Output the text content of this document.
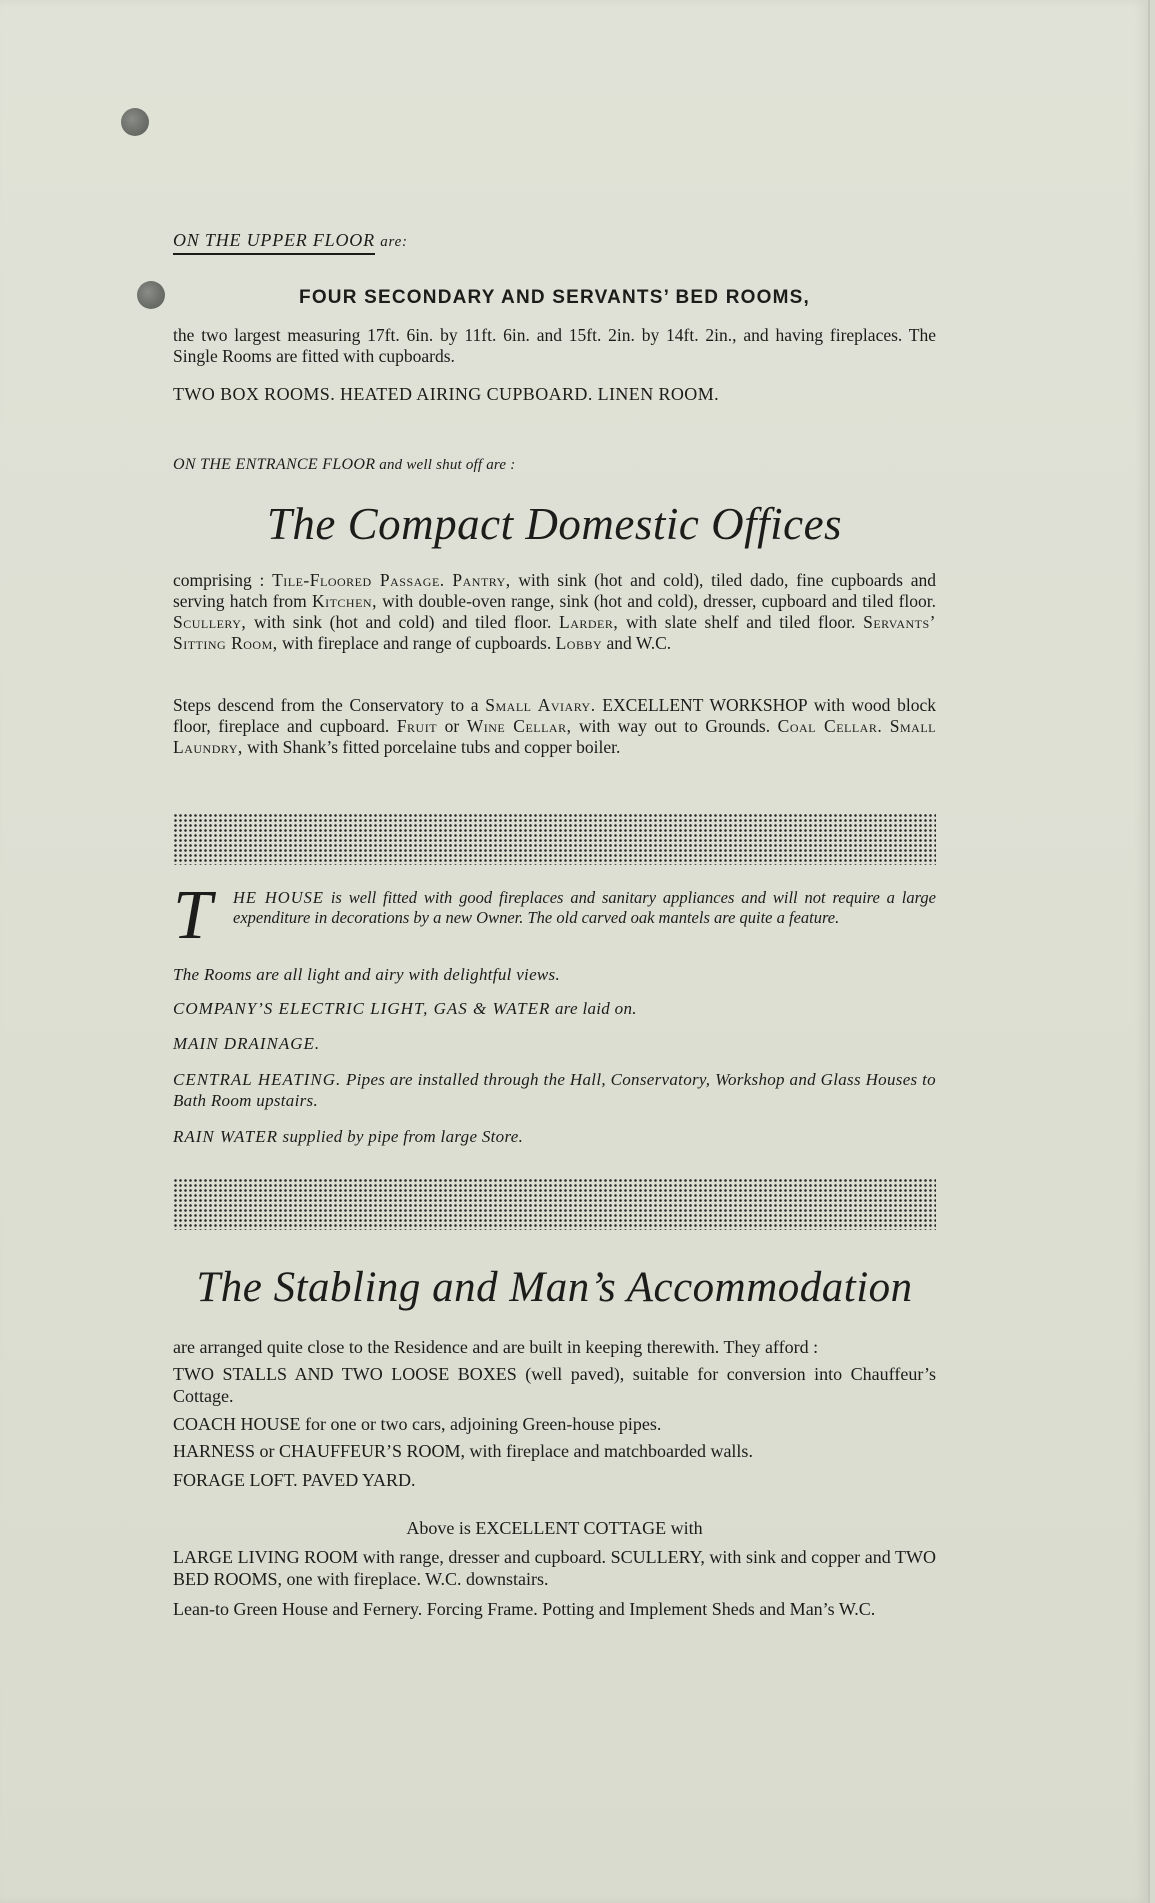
ON THE UPPER FLOOR are:

FOUR SECONDARY AND SERVANTS’ BED ROOMS,

the two largest measuring 17ft. 6in. by 11ft. 6in. and 15ft. 2in. by 14ft. 2in., and having fireplaces. The Single Rooms are fitted with cupboards.

TWO BOX ROOMS. HEATED AIRING CUPBOARD. LINEN ROOM.

ON THE ENTRANCE FLOOR and well shut off are :

The Compact Domestic Offices

comprising : Tile-Floored Passage. Pantry, with sink (hot and cold), tiled dado, fine cupboards and serving hatch from Kitchen, with double-oven range, sink (hot and cold), dresser, cupboard and tiled floor. Scullery, with sink (hot and cold) and tiled floor. Larder, with slate shelf and tiled floor. Servants’ Sitting Room, with fireplace and range of cupboards. Lobby and W.C.

Steps descend from the Conservatory to a Small Aviary. EXCELLENT WORKSHOP with wood block floor, fireplace and cupboard. Fruit or Wine Cellar, with way out to Grounds. Coal Cellar. Small Laundry, with Shank’s fitted porcelaine tubs and copper boiler.

T	HE HOUSE is well fitted with good fireplaces and sanitary appliances and will not require a large expenditure in decorations by a new Owner. The old carved oak mantels are quite a feature.

The Rooms are all light and airy with delightful views.

COMPANY’S ELECTRIC LIGHT, GAS & WATER are laid on.

MAIN DRAINAGE.

CENTRAL HEATING. Pipes are installed through the Hall, Conservatory, Workshop and Glass Houses to Bath Room upstairs.

RAIN WATER supplied by pipe from large Store.

The Stabling and Man’s Accommodation

are arranged quite close to the Residence and are built in keeping therewith. They afford :

TWO STALLS AND TWO LOOSE BOXES (well paved), suitable for conversion into Chauffeur’s Cottage.

COACH HOUSE for one or two cars, adjoining Green-house pipes.

HARNESS or CHAUFFEUR’S ROOM, with fireplace and matchboarded walls.

FORAGE LOFT. PAVED YARD.

Above is EXCELLENT COTTAGE with

LARGE LIVING ROOM with range, dresser and cupboard. SCULLERY, with sink and copper and TWO BED ROOMS, one with fireplace. W.C. downstairs.

Lean-to Green House and Fernery. Forcing Frame. Potting and Implement Sheds and Man’s W.C.
